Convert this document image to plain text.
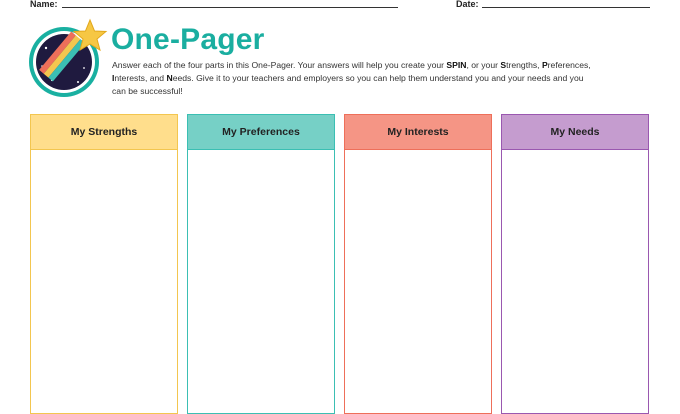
Name:	Date:
One-Pager
Answer each of the four parts in this One-Pager. Your answers will help you create your SPIN, or your Strengths, Preferences, Interests, and Needs. Give it to your teachers and employers so you can help them understand you and your needs and you can be successful!
My Strengths	My Preferences	My Interests	My Needs
